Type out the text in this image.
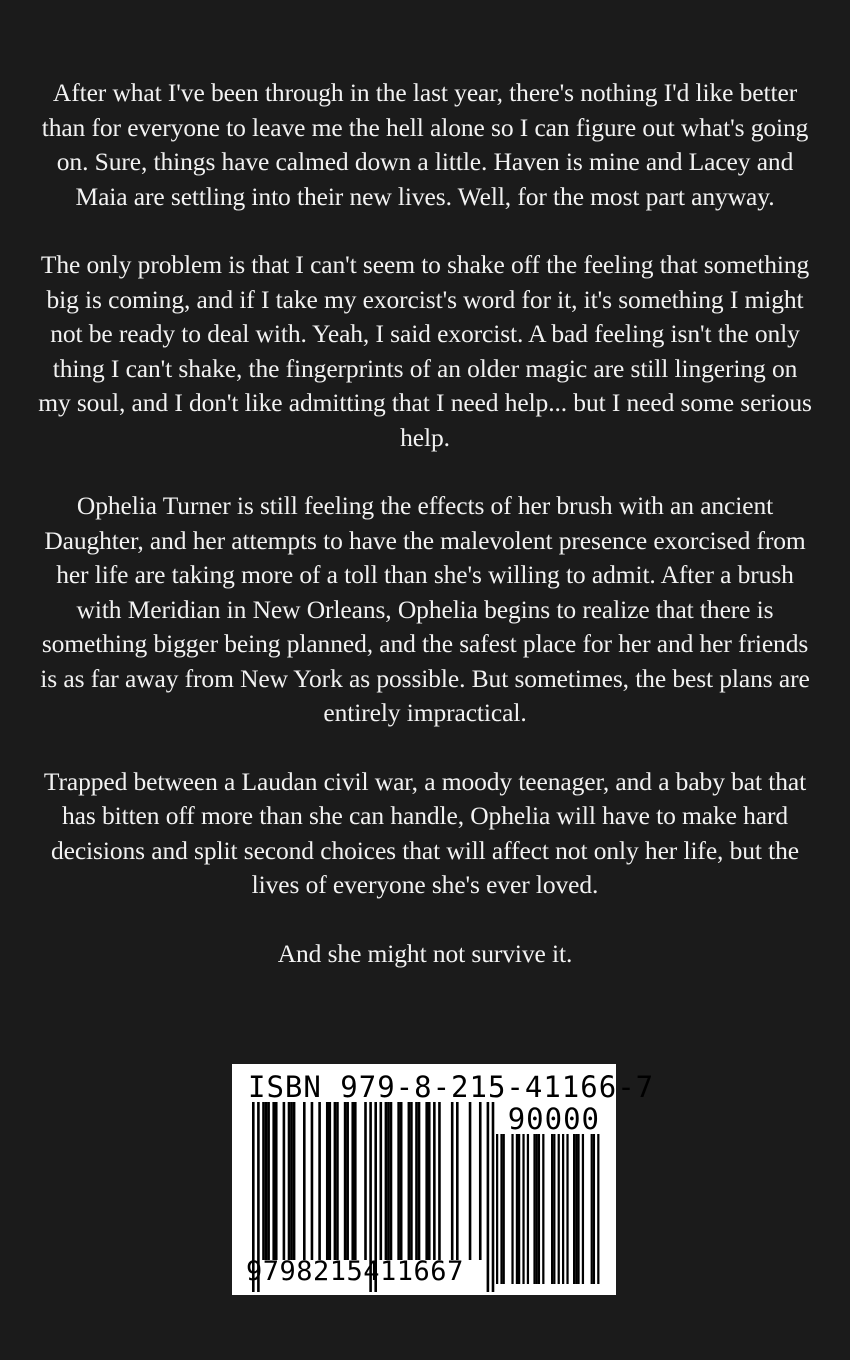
After what I've been through in the last year, there's nothing I'd like better than for everyone to leave me the hell alone so I can figure out what's going on. Sure, things have calmed down a little. Haven is mine and Lacey and Maia are settling into their new lives. Well, for the most part anyway.

The only problem is that I can't seem to shake off the feeling that something big is coming, and if I take my exorcist's word for it, it's something I might not be ready to deal with. Yeah, I said exorcist. A bad feeling isn't the only thing I can't shake, the fingerprints of an older magic are still lingering on my soul, and I don't like admitting that I need help... but I need some serious help.

Ophelia Turner is still feeling the effects of her brush with an ancient Daughter, and her attempts to have the malevolent presence exorcised from her life are taking more of a toll than she's willing to admit. After a brush with Meridian in New Orleans, Ophelia begins to realize that there is something bigger being planned, and the safest place for her and her friends is as far away from New York as possible. But sometimes, the best plans are entirely impractical.

Trapped between a Laudan civil war, a moody teenager, and a baby bat that has bitten off more than she can handle, Ophelia will have to make hard decisions and split second choices that will affect not only her life, but the lives of everyone she's ever loved.

And she might not survive it.

ISBN 979-8-215-41166-7
90000
9798215411667
